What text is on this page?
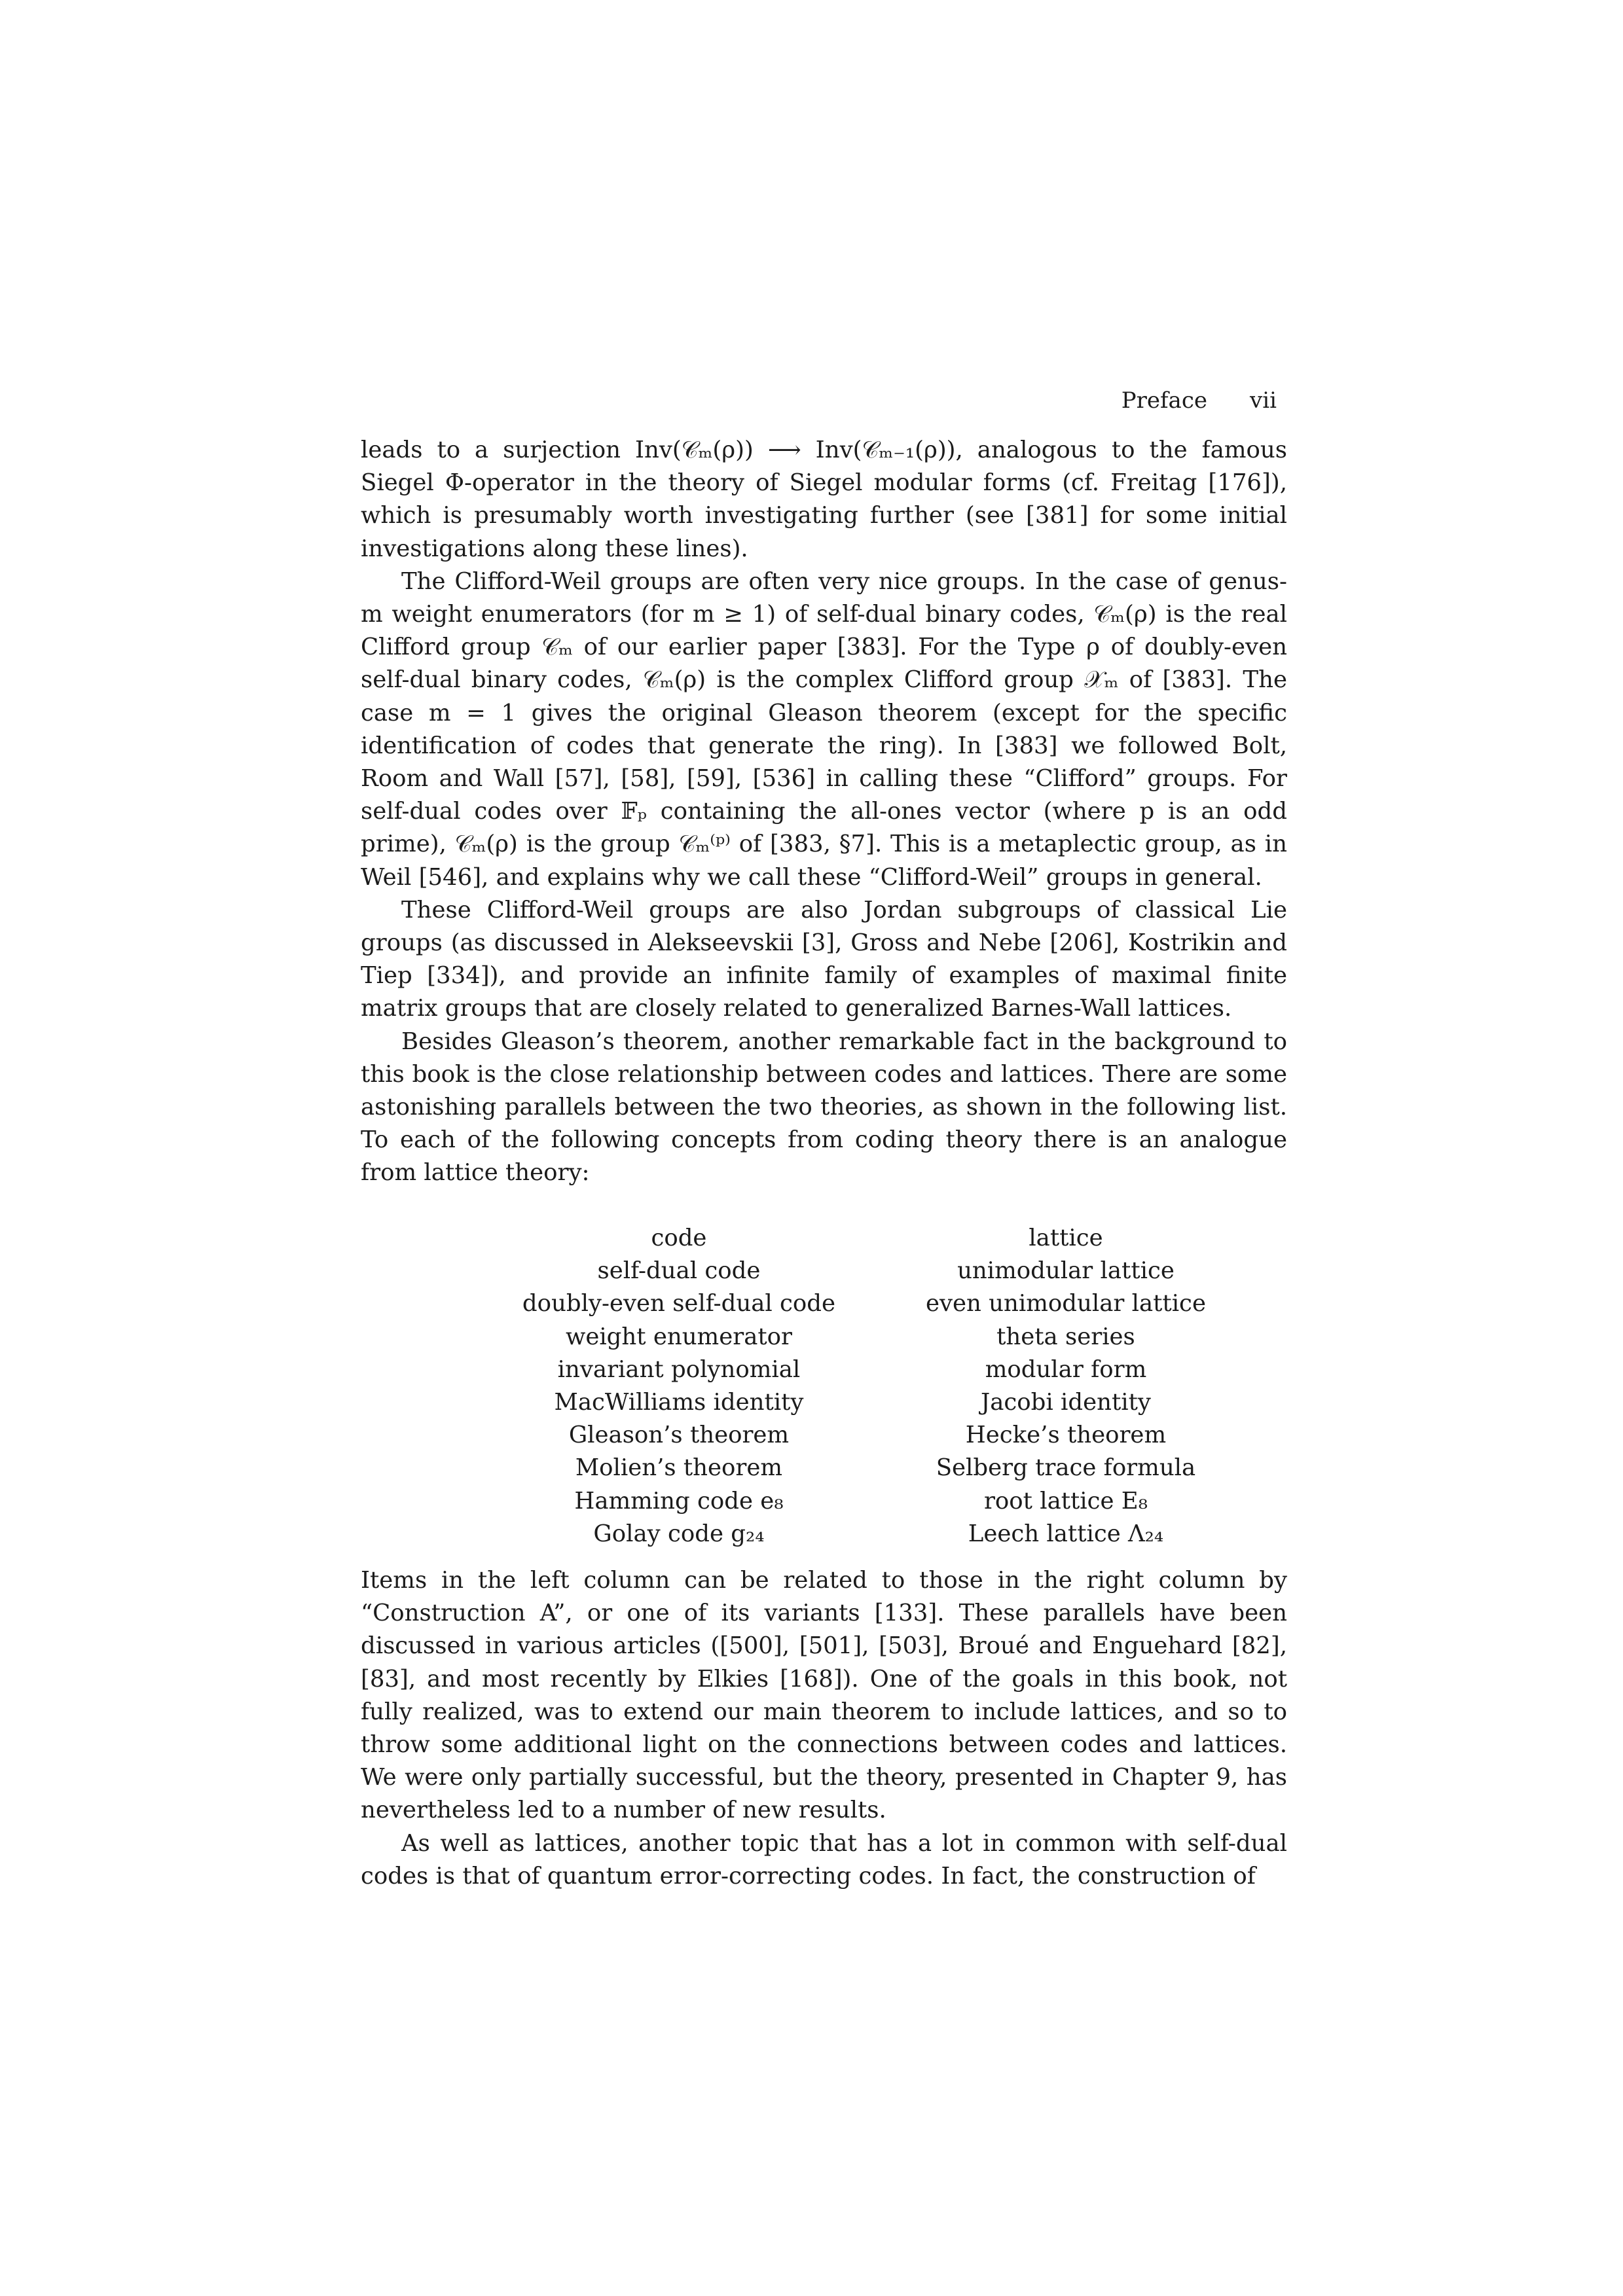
Preface vii

leads to a surjection Inv(𝒞ₘ(ρ)) ⟶ Inv(𝒞ₘ₋₁(ρ)), analogous to the famous Siegel Φ-operator in the theory of Siegel modular forms (cf. Freitag [176]), which is presumably worth investigating further (see [381] for some initial investigations along these lines).

The Clifford-Weil groups are often very nice groups. In the case of genus-m weight enumerators (for m ≥ 1) of self-dual binary codes, 𝒞ₘ(ρ) is the real Clifford group 𝒞ₘ of our earlier paper [383]. For the Type ρ of doubly-even self-dual binary codes, 𝒞ₘ(ρ) is the complex Clifford group 𝒳ₘ of [383]. The case m = 1 gives the original Gleason theorem (except for the specific identification of codes that generate the ring). In [383] we followed Bolt, Room and Wall [57], [58], [59], [536] in calling these “Clifford” groups. For self-dual codes over 𝔽ₚ containing the all-ones vector (where p is an odd prime), 𝒞ₘ(ρ) is the group 𝒞ₘ⁽ᵖ⁾ of [383, §7]. This is a metaplectic group, as in Weil [546], and explains why we call these “Clifford-Weil” groups in general.

These Clifford-Weil groups are also Jordan subgroups of classical Lie groups (as discussed in Alekseevskii [3], Gross and Nebe [206], Kostrikin and Tiep [334]), and provide an infinite family of examples of maximal finite matrix groups that are closely related to generalized Barnes-Wall lattices.

Besides Gleason’s theorem, another remarkable fact in the background to this book is the close relationship between codes and lattices. There are some astonishing parallels between the two theories, as shown in the following list. To each of the following concepts from coding theory there is an analogue from lattice theory:

code	lattice
self-dual code	unimodular lattice
doubly-even self-dual code	even unimodular lattice
weight enumerator	theta series
invariant polynomial	modular form
MacWilliams identity	Jacobi identity
Gleason’s theorem	Hecke’s theorem
Molien’s theorem	Selberg trace formula
Hamming code e₈	root lattice E₈
Golay code g₂₄	Leech lattice Λ₂₄

Items in the left column can be related to those in the right column by “Construction A”, or one of its variants [133]. These parallels have been discussed in various articles ([500], [501], [503], Broué and Enguehard [82], [83], and most recently by Elkies [168]). One of the goals in this book, not fully realized, was to extend our main theorem to include lattices, and so to throw some additional light on the connections between codes and lattices. We were only partially successful, but the theory, presented in Chapter 9, has nevertheless led to a number of new results.

As well as lattices, another topic that has a lot in common with self-dual codes is that of quantum error-correcting codes. In fact, the construction of
